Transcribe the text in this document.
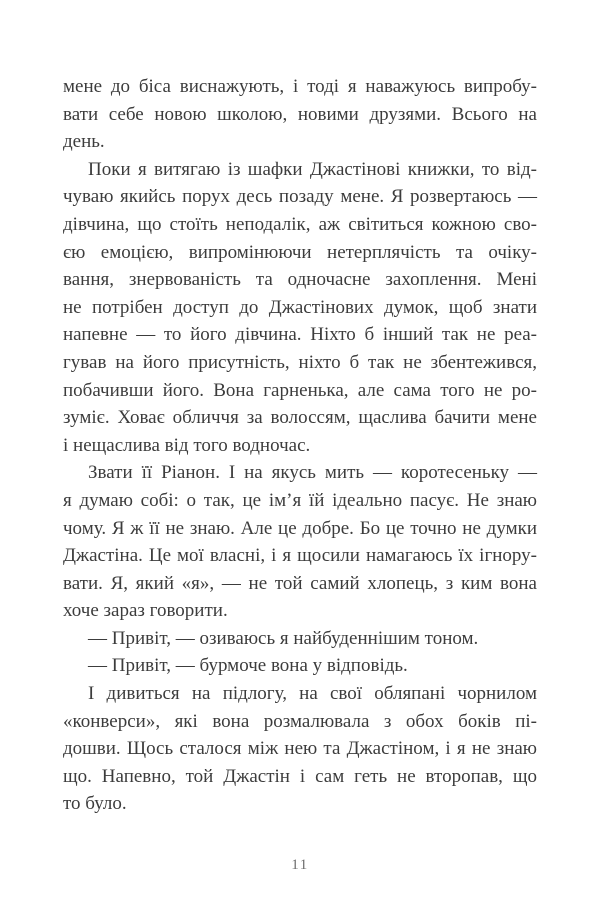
мене до біса виснажують, і тоді я наважуюсь випробу-
вати себе новою школою, новими друзями. Всього на
день.
Поки я витягаю із шафки Джастінові книжки, то від-
чуваю якийсь порух десь позаду мене. Я розвертаюсь —
дівчина, що стоїть неподалік, аж світиться кожною сво-
єю емоцією, випромінюючи нетерплячість та очіку-
вання, знервованість та одночасне захоплення. Мені
не потрібен доступ до Джастінових думок, щоб знати
напевне — то його дівчина. Ніхто б інший так не реа-
гував на його присутність, ніхто б так не збентежився,
побачивши його. Вона гарненька, але сама того не ро-
зуміє. Ховає обличчя за волоссям, щаслива бачити мене
і нещаслива від того водночас.
Звати її Ріанон. І на якусь мить — коротесеньку —
я думаю собі: о так, це ім’я їй ідеально пасує. Не знаю
чому. Я ж її не знаю. Але це добре. Бо це точно не думки
Джастіна. Це мої власні, і я щосили намагаюсь їх ігнору-
вати. Я, який «я», — не той самий хлопець, з ким вона
хоче зараз говорити.
— Привіт, — озиваюсь я найбуденнішим тоном.
— Привіт, — бурмоче вона у відповідь.
І дивиться на підлогу, на свої обляпані чорнилом
«конверси», які вона розмалювала з обох боків пі-
дошви. Щось сталося між нею та Джастіном, і я не знаю
що. Напевно, той Джастін і сам геть не второпав, що
то було.
11
